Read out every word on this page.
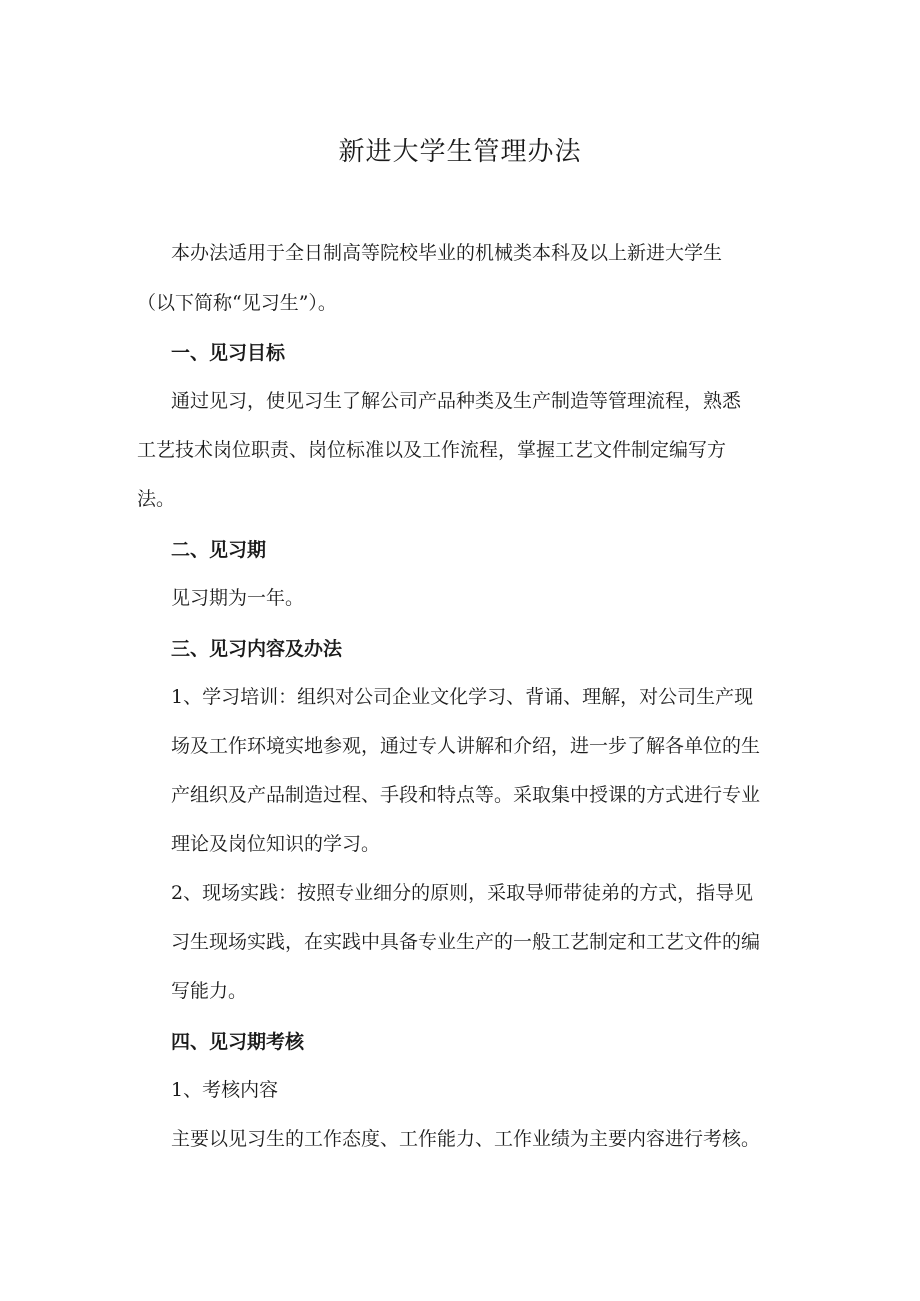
新进大学生管理办法

本办法适用于全日制高等院校毕业的机械类本科及以上新进大学生

（以下简称“见习生”）。

一、见习目标

通过见习，使见习生了解公司产品种类及生产制造等管理流程，熟悉

工艺技术岗位职责、岗位标准以及工作流程，掌握工艺文件制定编写方

法。

二、见习期

见习期为一年。

三、见习内容及办法

1、学习培训：组织对公司企业文化学习、背诵、理解，对公司生产现

场及工作环境实地参观，通过专人讲解和介绍，进一步了解各单位的生

产组织及产品制造过程、手段和特点等。采取集中授课的方式进行专业

理论及岗位知识的学习。

2、现场实践：按照专业细分的原则，采取导师带徒弟的方式，指导见

习生现场实践，在实践中具备专业生产的一般工艺制定和工艺文件的编

写能力。

四、见习期考核

1、考核内容

主要以见习生的工作态度、工作能力、工作业绩为主要内容进行考核。
